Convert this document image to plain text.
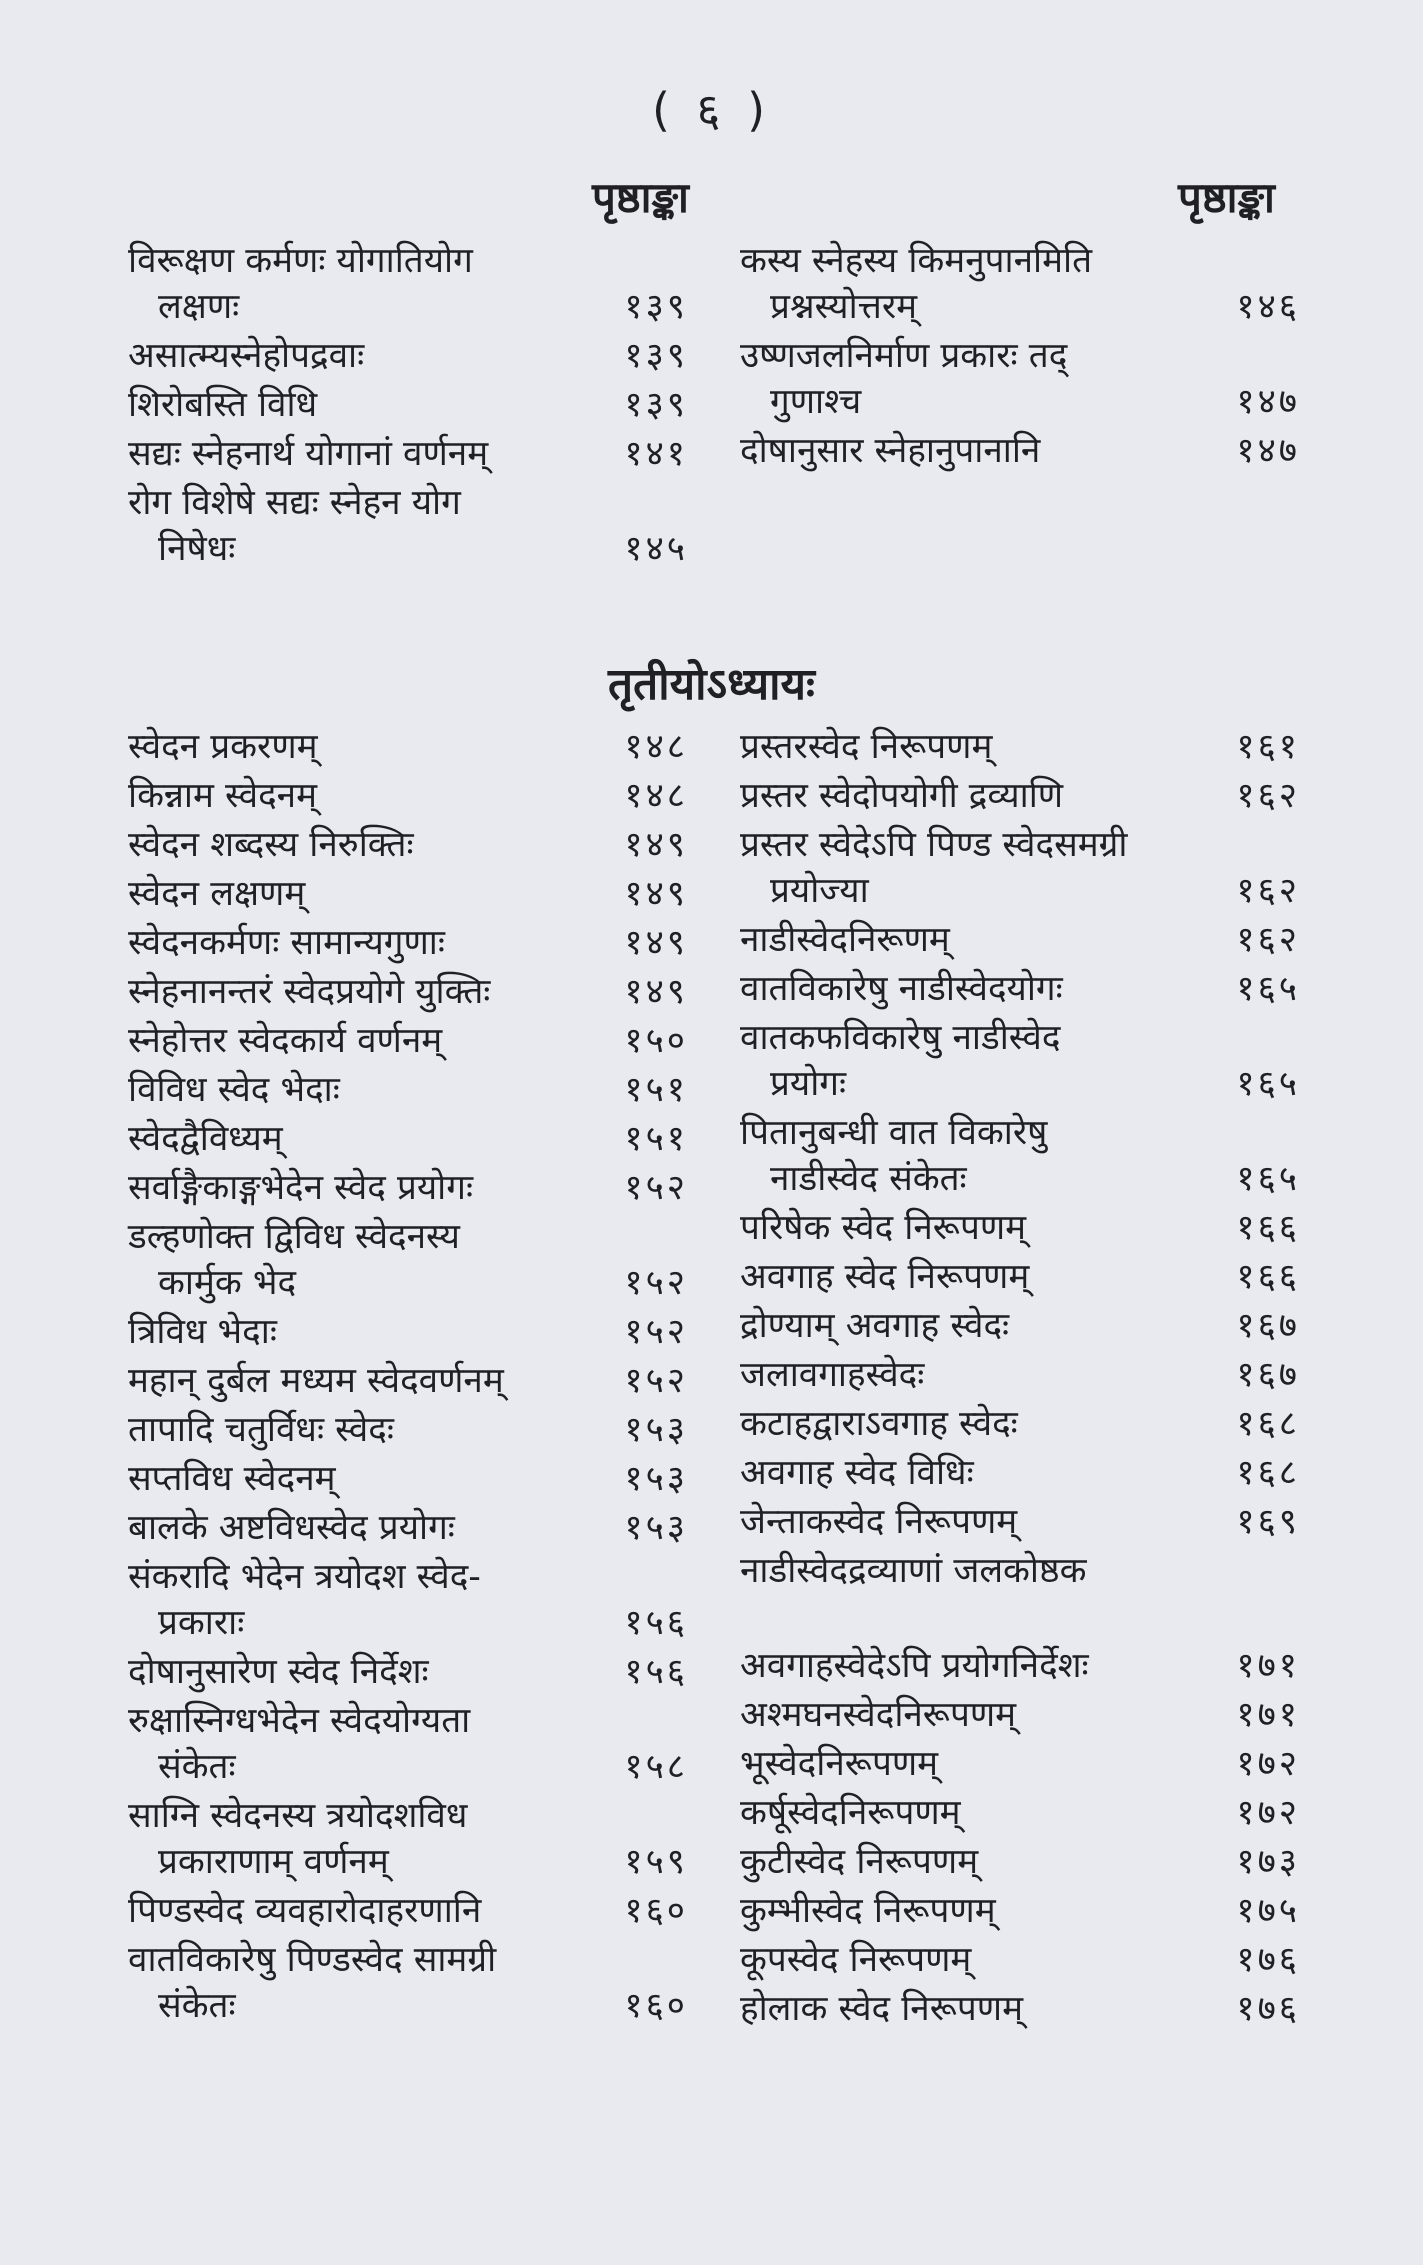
( ६ )
पृष्ठाङ्का	पृष्ठाङ्का
विरूक्षण कर्मणः योगातियोग
लक्षणः	१३९
असात्म्यस्नेहोपद्रवाः	१३९
शिरोबस्ति विधि	१३९
सद्यः स्नेहनार्थ योगानां वर्णनम्	१४१
रोग विशेषे सद्यः स्नेहन योग
निषेधः	१४५
कस्य स्नेहस्य किमनुपानमिति
प्रश्नस्योत्तरम्	१४६
उष्णजलनिर्माण प्रकारः तद्
गुणाश्च	१४७
दोषानुसार स्नेहानुपानानि	१४७
तृतीयोऽध्यायः
स्वेदन प्रकरणम्	१४८
किन्नाम स्वेदनम्	१४८
स्वेदन शब्दस्य निरुक्तिः	१४९
स्वेदन लक्षणम्	१४९
स्वेदनकर्मणः सामान्यगुणाः	१४९
स्नेहनानन्तरं स्वेदप्रयोगे युक्तिः	१४९
स्नेहोत्तर स्वेदकार्य वर्णनम्	१५०
विविध स्वेद भेदाः	१५१
स्वेदद्वैविध्यम्	१५१
सर्वाङ्गैकाङ्गभेदेन स्वेद प्रयोगः	१५२
डल्हणोक्त द्विविध स्वेदनस्य
कार्मुक भेद	१५२
त्रिविध भेदाः	१५२
महान् दुर्बल मध्यम स्वेदवर्णनम्	१५२
तापादि चतुर्विधः स्वेदः	१५३
सप्तविध स्वेदनम्	१५३
बालके अष्टविधस्वेद प्रयोगः	१५३
संकरादि भेदेन त्रयोदश स्वेद-
प्रकाराः	१५६
दोषानुसारेण स्वेद निर्देशः	१५६
रुक्षास्निग्धभेदेन स्वेदयोग्यता
संकेतः	१५८
साग्नि स्वेदनस्य त्रयोदशविध
प्रकाराणाम् वर्णनम्	१५९
पिण्डस्वेद व्यवहारोदाहरणानि	१६०
वातविकारेषु पिण्डस्वेद सामग्री
संकेतः	१६०
प्रस्तरस्वेद निरूपणम्	१६१
प्रस्तर स्वेदोपयोगी द्रव्याणि	१६२
प्रस्तर स्वेदेऽपि पिण्ड स्वेदसमग्री
प्रयोज्या	१६२
नाडीस्वेदनिरूणम्	१६२
वातविकारेषु नाडीस्वेदयोगः	१६५
वातकफविकारेषु नाडीस्वेद
प्रयोगः	१६५
पितानुबन्धी वात विकारेषु
नाडीस्वेद संकेतः	१६५
परिषेक स्वेद निरूपणम्	१६६
अवगाह स्वेद निरूपणम्	१६६
द्रोण्याम् अवगाह स्वेदः	१६७
जलावगाहस्वेदः	१६७
कटाहद्वाराऽवगाह स्वेदः	१६८
अवगाह स्वेद विधिः	१६८
जेन्ताकस्वेद निरूपणम्	१६९
नाडीस्वेदद्रव्याणां जलकोष्ठक

अवगाहस्वेदेऽपि प्रयोगनिर्देशः	१७१
अश्मघनस्वेदनिरूपणम्	१७१
भूस्वेदनिरूपणम्	१७२
कर्षूस्वेदनिरूपणम्	१७२
कुटीस्वेद निरूपणम्	१७३
कुम्भीस्वेद निरूपणम्	१७५
कूपस्वेद निरूपणम्	१७६
होलाक स्वेद निरूपणम्	१७६
